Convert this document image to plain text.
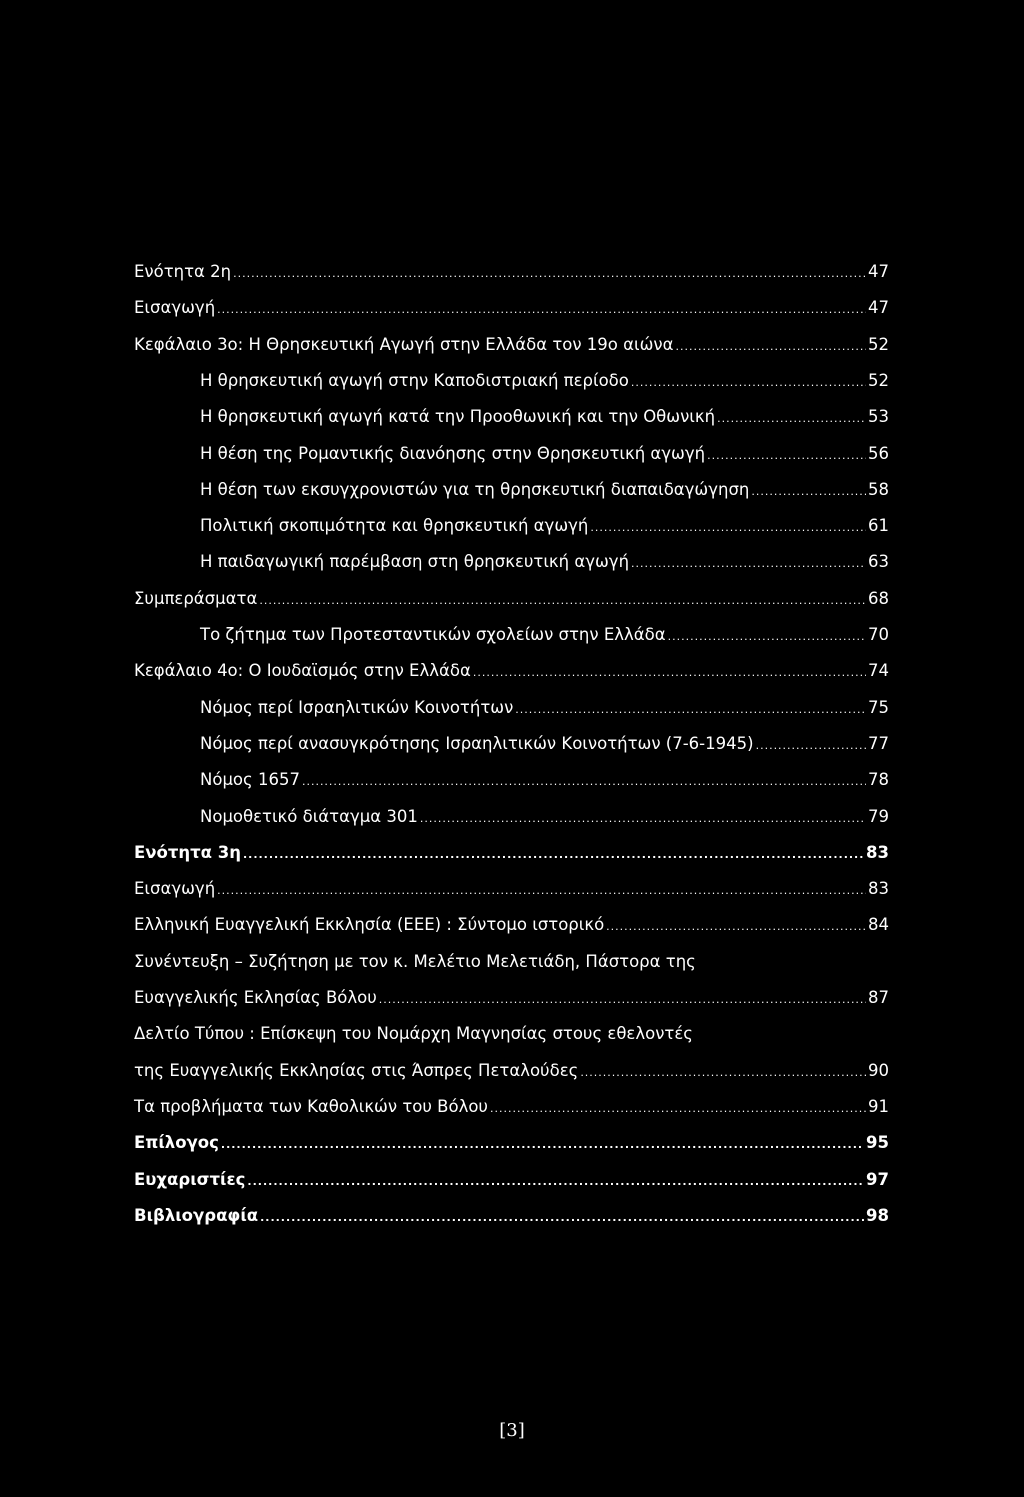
Ενότητα 2η .....	47
Εισαγωγή .....	47
Κεφάλαιο 3ο: Η Θρησκευτική Αγωγή στην Ελλάδα τον 19ο αιώνα .....	52
Η θρησκευτική αγωγή στην Καποδιστριακή περίοδο .....	52
Η θρησκευτική αγωγή κατά την Προοθωνική και την Οθωνική .....	53
Η θέση της Ρομαντικής διανόησης στην Θρησκευτική αγωγή .....	56
Η θέση των εκσυγχρονιστών για τη θρησκευτική διαπαιδαγώγηση .....	58
Πολιτική σκοπιμότητα και θρησκευτική αγωγή .....	61
Η παιδαγωγική παρέμβαση στη θρησκευτική αγωγή .....	63
Συμπεράσματα .....	68
Το ζήτημα των Προτεσταντικών σχολείων στην Ελλάδα .....	70
Κεφάλαιο 4ο: Ο Ιουδαϊσμός στην Ελλάδα .....	74
Νόμος περί Ισραηλιτικών Κοινοτήτων .....	75
Νόμος περί ανασυγκρότησης Ισραηλιτικών Κοινοτήτων (7-6-1945) .....	77
Νόμος 1657 .....	78
Νομοθετικό διάταγμα 301 .....	79
Ενότητα 3η .....	83
Εισαγωγή .....	83
Ελληνική Ευαγγελική Εκκλησία (ΕΕΕ) : Σύντομο ιστορικό .....	84
Συνέντευξη – Συζήτηση με τον κ. Μελέτιο Μελετιάδη, Πάστορα της
Ευαγγελικής Εκλησίας Βόλου .....	87
Δελτίο Τύπου : Επίσκεψη του Νομάρχη Μαγνησίας στους εθελοντές
της Ευαγγελικής Εκκλησίας στις Άσπρες Πεταλούδες .....	90
Τα προβλήματα των Καθολικών του Βόλου .....	91
Επίλογος .....	95
Ευχαριστίες .....	97
Βιβλιογραφία .....	98
[3]
